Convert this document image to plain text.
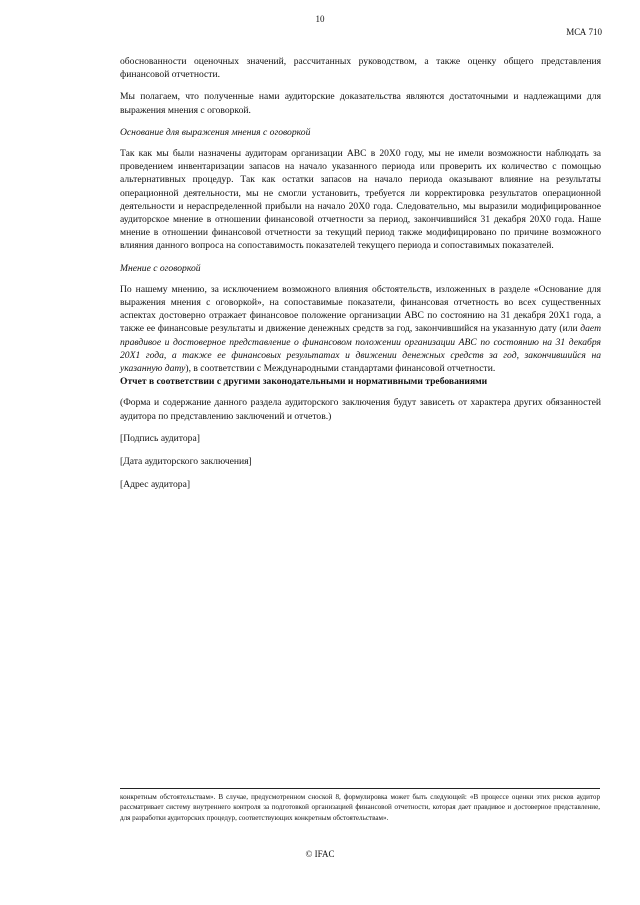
10
МСА 710

обоснованности оценочных значений, рассчитанных руководством, а также оценку общего представления финансовой отчетности.

Мы полагаем, что полученные нами аудиторские доказательства являются достаточными и надлежащими для выражения мнения с оговоркой.

Основание для выражения мнения с оговоркой

Так как мы были назначены аудиторам организации ABC в 20X0 году, мы не имели возможности наблюдать за проведением инвентаризации запасов на начало указанного периода или проверить их количество с помощью альтернативных процедур. Так как остатки запасов на начало периода оказывают влияние на результаты операционной деятельности, мы не смогли установить, требуется ли корректировка результатов операционной деятельности и нераспределенной прибыли на начало 20X0 года. Следовательно, мы выразили модифицированное аудиторское мнение в отношении финансовой отчетности за период, закончившийся 31 декабря 20X0 года. Наше мнение в отношении финансовой отчетности за текущий период также модифицировано по причине возможного влияния данного вопроса на сопоставимость показателей текущего периода и сопоставимых показателей.

Мнение с оговоркой

По нашему мнению, за исключением возможного влияния обстоятельств, изложенных в разделе «Основание для выражения мнения с оговоркой», на сопоставимые показатели, финансовая отчетность во всех существенных аспектах достоверно отражает финансовое положение организации ABC по состоянию на 31 декабря 20X1 года, а также ее финансовые результаты и движение денежных средств за год, закончившийся на указанную дату (или дает правдивое и достоверное представление о финансовом положении организации ABC по состоянию на 31 декабря 20X1 года, а также ее финансовых результатах и движении денежных средств за год, закончившийся на указанную дату), в соответствии с Международными стандартами финансовой отчетности.

Отчет в соответствии с другими законодательными и нормативными требованиями

(Форма и содержание данного раздела аудиторского заключения будут зависеть от характера других обязанностей аудитора по представлению заключений и отчетов.)

[Подпись аудитора]
[Дата аудиторского заключения]
[Адрес аудитора]
конкретным обстоятельствам». В случае, предусмотренном сноской 8, формулировка может быть следующей: «В процессе оценки этих рисков аудитор рассматривает систему внутреннего контроля за подготовкой организацией финансовой отчетности, которая дает правдивое и достоверное представление, для разработки аудиторских процедур, соответствующих конкретным обстоятельствам».
© IFAC
